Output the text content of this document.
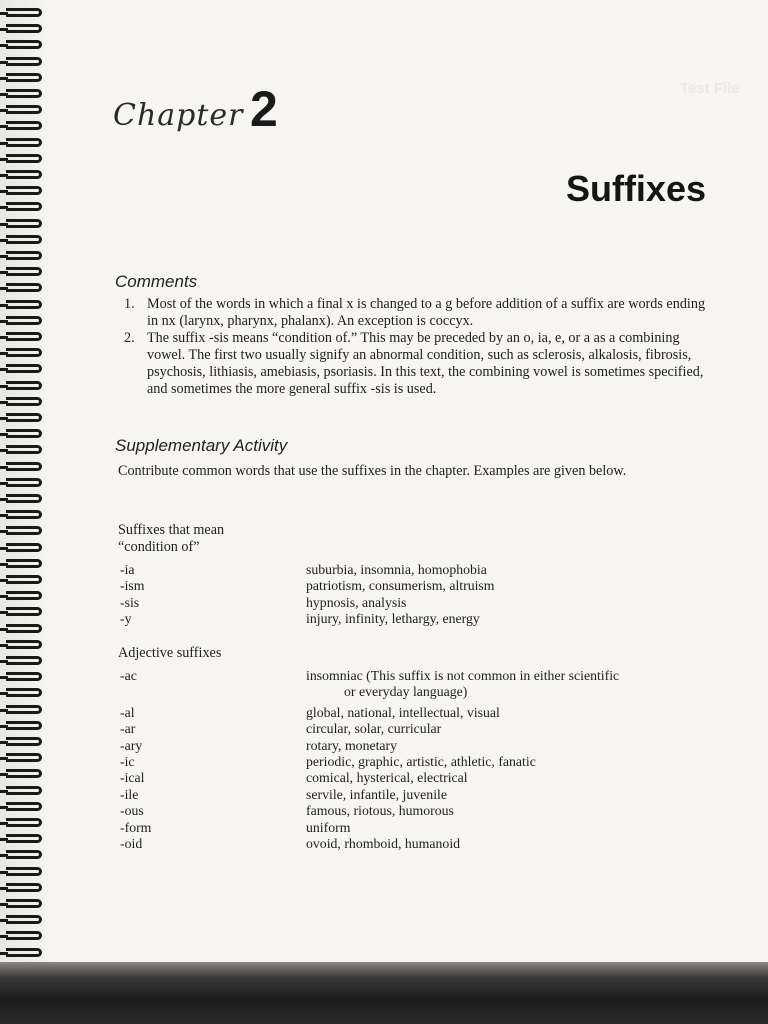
Test File
Chapter 2
Suffixes
Comments
1. Most of the words in which a final x is changed to a g before addition of a suffix are words ending in nx (larynx, pharynx, phalanx). An exception is coccyx.
2. The suffix -sis means “condition of.” This may be preceded by an o, ia, e, or a as a combining vowel. The first two usually signify an abnormal condition, such as sclerosis, alkalosis, fibrosis, psychosis, lithiasis, amebiasis, psoriasis. In this text, the combining vowel is sometimes specified, and sometimes the more general suffix -sis is used.
Supplementary Activity
Contribute common words that use the suffixes in the chapter. Examples are given below.
Suffixes that mean
“condition of”
-ia	suburbia, insomnia, homophobia
-ism	patriotism, consumerism, altruism
-sis	hypnosis, analysis
-y	injury, infinity, lethargy, energy
Adjective suffixes
-ac	insomniac (This suffix is not common in either scientific
or everyday language)
-al	global, national, intellectual, visual
-ar	circular, solar, curricular
-ary	rotary, monetary
-ic	periodic, graphic, artistic, athletic, fanatic
-ical	comical, hysterical, electrical
-ile	servile, infantile, juvenile
-ous	famous, riotous, humorous
-form	uniform
-oid	ovoid, rhomboid, humanoid
